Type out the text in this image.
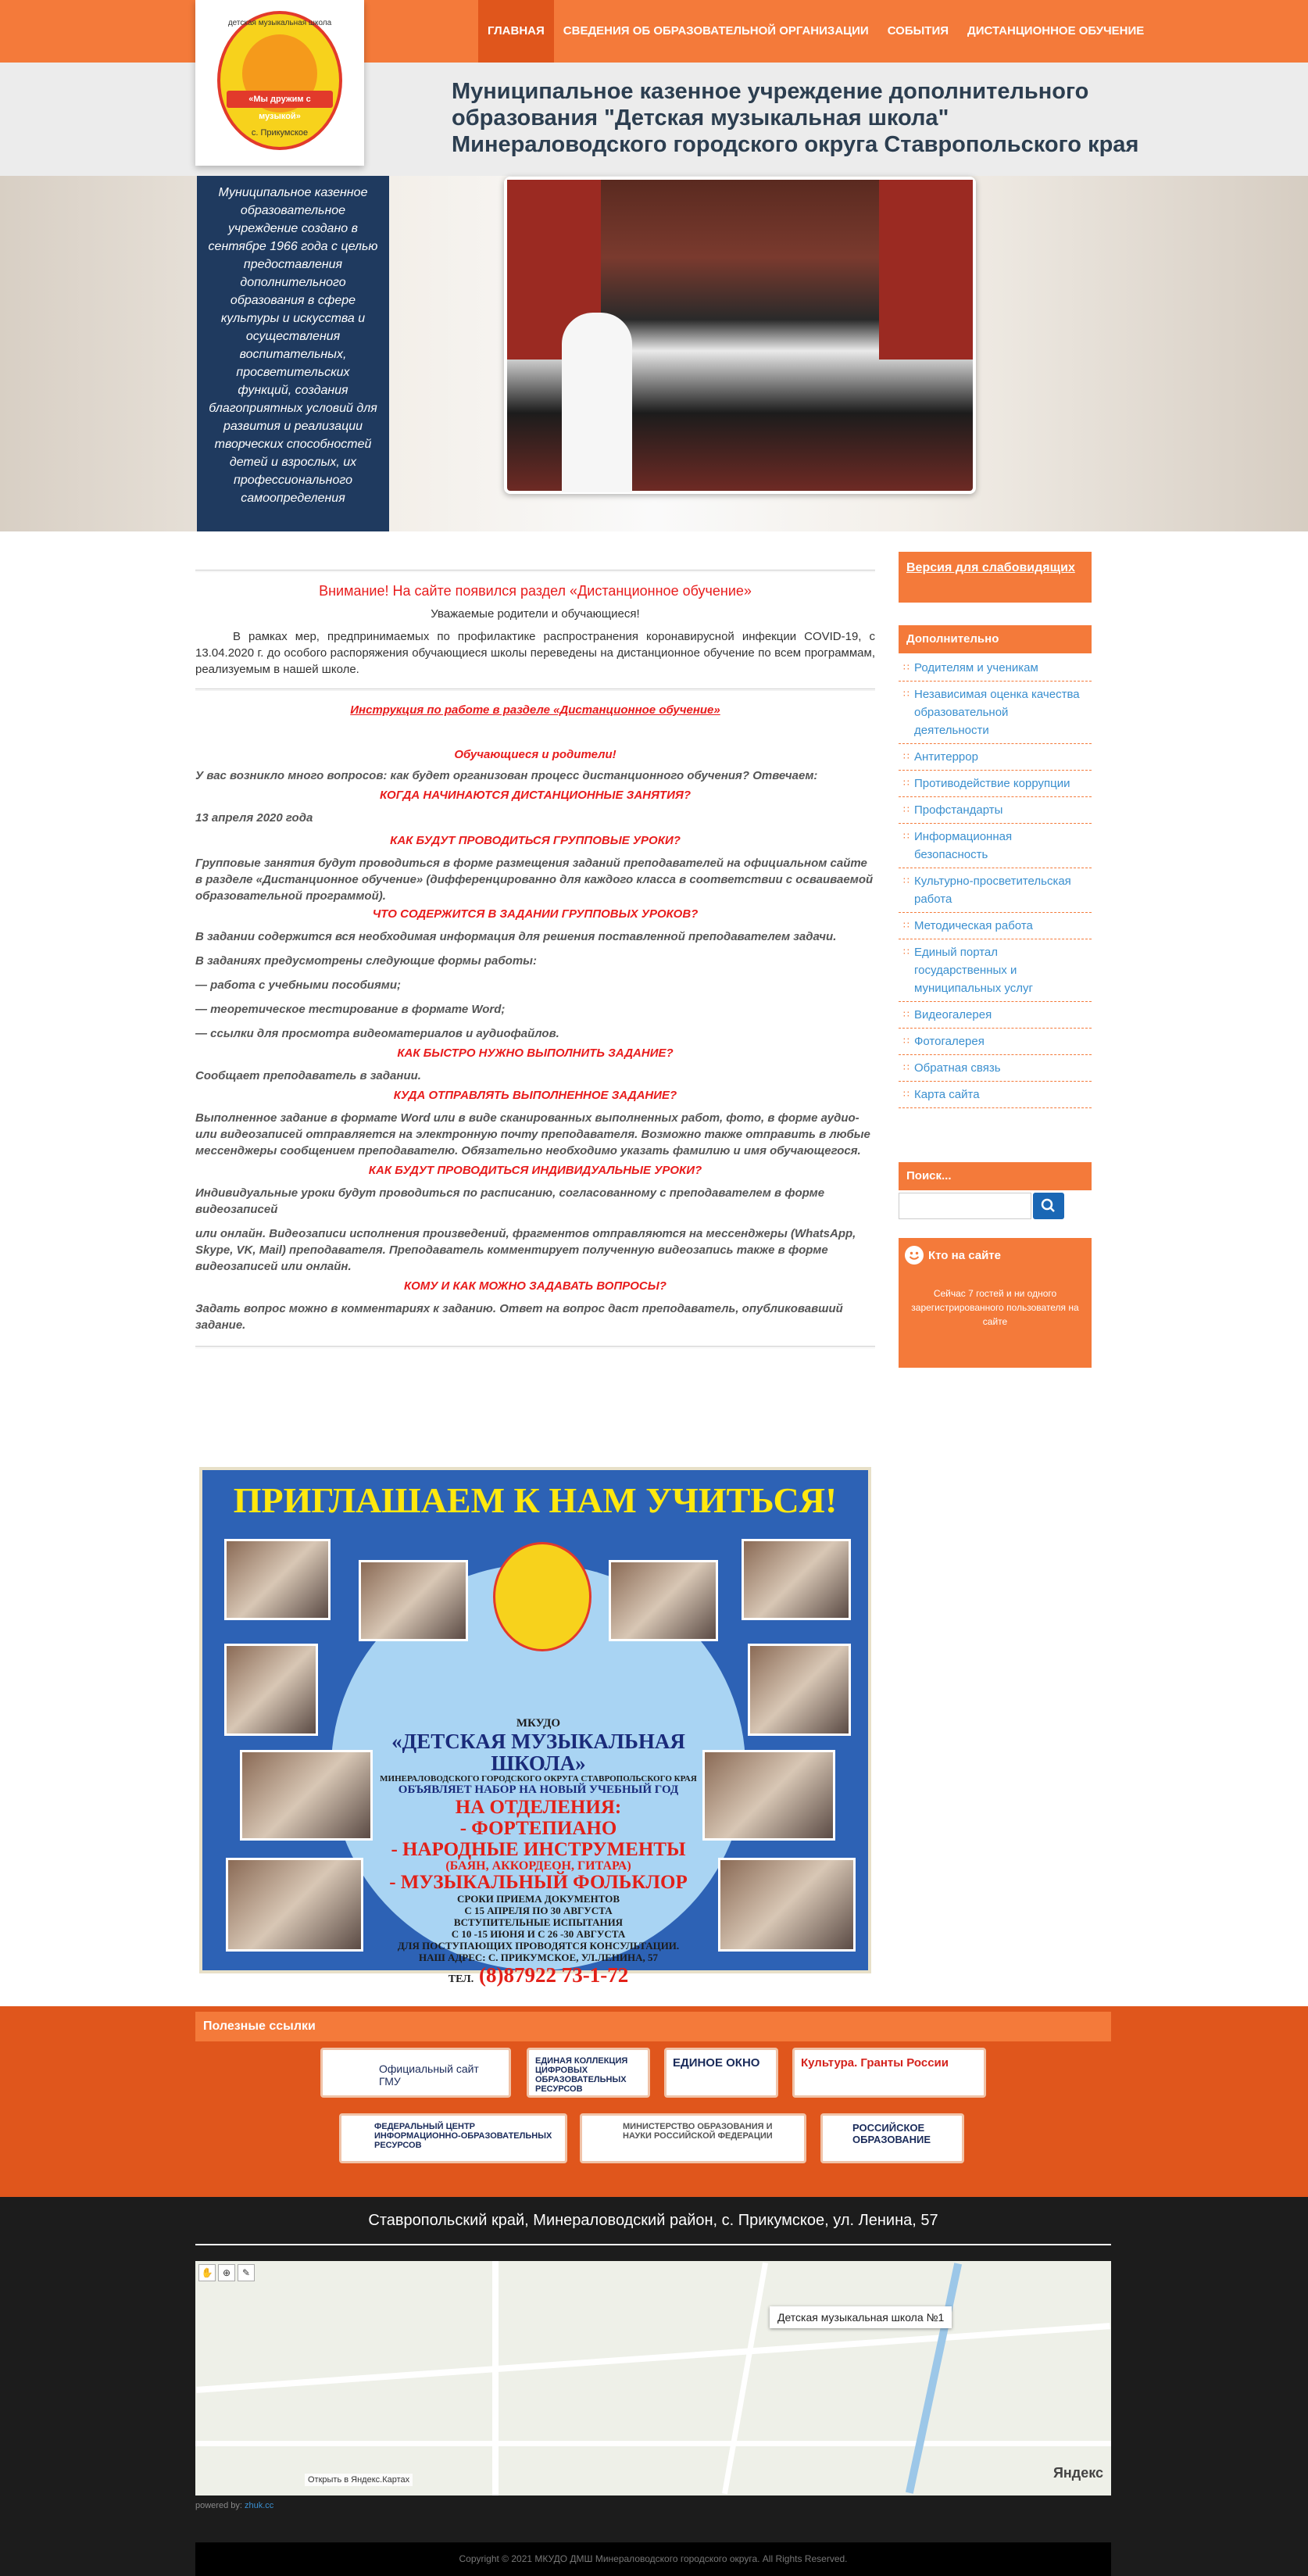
ГЛАВНАЯ	СВЕДЕНИЯ ОБ ОБРАЗОВАТЕЛЬНОЙ ОРГАНИЗАЦИИ	СОБЫТИЯ	ДИСТАНЦИОННОЕ ОБУЧЕНИЕ
детская музыкальная школа
«Мы дружим с музыкой»
с. Прикумское
Муниципальное казенное учреждение дополнительного
образования "Детская музыкальная школа"
Минераловодского городского округа Ставропольского края
Муниципальное казенное образовательное учреждение создано в сентябре 1966 года с целью предоставления дополнительного образования в сфере культуры и искусства и осуществления воспитательных, просветительских функций, создания благоприятных условий для развития и реализации творческих способностей детей и взрослых, их профессионального самоопределения
Внимание! На сайте появился раздел «Дистанционное обучение»
Уважаемые родители и обучающиеся!
В рамках мер, предпринимаемых по профилактике распространения коронавирусной инфекции COVID-19, с 13.04.2020 г. до особого распоряжения обучающиеся школы переведены на дистанционное обучение по всем программам, реализуемым в нашей школе.
Инструкция по работе в разделе «Дистанционное обучение»
Обучающиеся и родители!
У вас возникло много вопросов: как будет организован процесс дистанционного обучения? Отвечаем:
КОГДА НАЧИНАЮТСЯ ДИСТАНЦИОННЫЕ ЗАНЯТИЯ?
13 апреля 2020 года
КАК БУДУТ ПРОВОДИТЬСЯ ГРУППОВЫЕ УРОКИ?
Групповые занятия будут проводиться в форме размещения заданий преподавателей на официальном сайте в разделе «Дистанционное обучение» (дифференцированно для каждого класса в соответствии с осваиваемой образовательной программой).
ЧТО СОДЕРЖИТСЯ В ЗАДАНИИ ГРУППОВЫХ УРОКОВ?
В задании содержится вся необходимая информация для решения поставленной преподавателем задачи.
В заданиях предусмотрены следующие формы работы:
— работа с учебными пособиями;
— теоретическое тестирование в формате Word;
— ссылки для просмотра видеоматериалов и аудиофайлов.
КАК БЫСТРО НУЖНО ВЫПОЛНИТЬ ЗАДАНИЕ?
Сообщает преподаватель в задании.
КУДА ОТПРАВЛЯТЬ ВЫПОЛНЕННОЕ ЗАДАНИЕ?
Выполненное задание в формате Word или в виде сканированных выполненных работ, фото, в форме аудио- или видеозаписей отправляется на электронную почту преподавателя. Возможно также отправить в любые мессенджеры сообщением преподавателю. Обязательно необходимо указать фамилию и имя обучающегося.
КАК БУДУТ ПРОВОДИТЬСЯ ИНДИВИДУАЛЬНЫЕ УРОКИ?
Индивидуальные уроки будут проводиться по расписанию, согласованному с преподавателем в форме видеозаписей
или онлайн. Видеозаписи исполнения произведений, фрагментов отправляются на мессенджеры (WhatsApp, Skype, VK, Mail) преподавателя. Преподаватель комментирует полученную видеозапись также в форме видеозаписей или онлайн.
КОМУ И КАК МОЖНО ЗАДАВАТЬ ВОПРОСЫ?
Задать вопрос можно в комментариях к заданию. Ответ на вопрос даст преподаватель, опубликовавший задание.
ПРИГЛАШАЕМ К НАМ УЧИТЬСЯ!
МКУДО
«ДЕТСКАЯ МУЗЫКАЛЬНАЯ ШКОЛА»
МИНЕРАЛОВОДСКОГО ГОРОДСКОГО ОКРУГА СТАВРОПОЛЬСКОГО КРАЯ
ОБЪЯВЛЯЕТ НАБОР НА НОВЫЙ УЧЕБНЫЙ ГОД
НА ОТДЕЛЕНИЯ:
- ФОРТЕПИАНО
- НАРОДНЫЕ ИНСТРУМЕНТЫ
(БАЯН, АККОРДЕОН, ГИТАРА)
- МУЗЫКАЛЬНЫЙ ФОЛЬКЛОР
СРОКИ ПРИЕМА ДОКУМЕНТОВ
С 15 АПРЕЛЯ ПО 30 АВГУСТА
ВСТУПИТЕЛЬНЫЕ ИСПЫТАНИЯ
С 10 -15 ИЮНЯ И С 26 -30 АВГУСТА
ДЛЯ ПОСТУПАЮЩИХ ПРОВОДЯТСЯ КОНСУЛЬТАЦИИ.
НАШ АДРЕС: С. ПРИКУМСКОЕ, УЛ.ЛЕНИНА, 57
ТЕЛ. (8)87922 73-1-72
Версия для слабовидящих
Дополнительно
∷ Родителям и ученикам
∷ Независимая оценка качества образовательной деятельности
∷ Антитеррор
∷ Противодействие коррупции
∷ Профстандарты
∷ Информационная безопасность
∷ Культурно-просветительская работа
∷ Методическая работа
∷ Единый портал государственных и муниципальных услуг
∷ Видеогалерея
∷ Фотогалерея
∷ Обратная связь
∷ Карта сайта
Поиск...
Кто на сайте
Сейчас 7 гостей и ни одного зарегистрированного пользователя на сайте
Полезные ссылки
Официальный сайт ГМУ
ЕДИНАЯ КОЛЛЕКЦИЯ ЦИФРОВЫХ ОБРАЗОВАТЕЛЬНЫХ РЕСУРСОВ
ЕДИНОЕ ОКНО	Культура. Гранты России
ФЕДЕРАЛЬНЫЙ ЦЕНТР ИНФОРМАЦИОННО-ОБРАЗОВАТЕЛЬНЫХ РЕСУРСОВ
МИНИСТЕРСТВО ОБРАЗОВАНИЯ И НАУКИ РОССИЙСКОЙ ФЕДЕРАЦИИ
РОССИЙСКОЕ ОБРАЗОВАНИЕ
Ставропольский край, Минераловодский район, с. Прикумское, ул. Ленина, 57
✋	⊕	✎
Детская музыкальная школа №1
Открыть в Яндекс.Картах	Яндекс
powered by: zhuk.cc
Copyright © 2021 МКУДО ДМШ Минераловодского городского округа. All Rights Reserved.
